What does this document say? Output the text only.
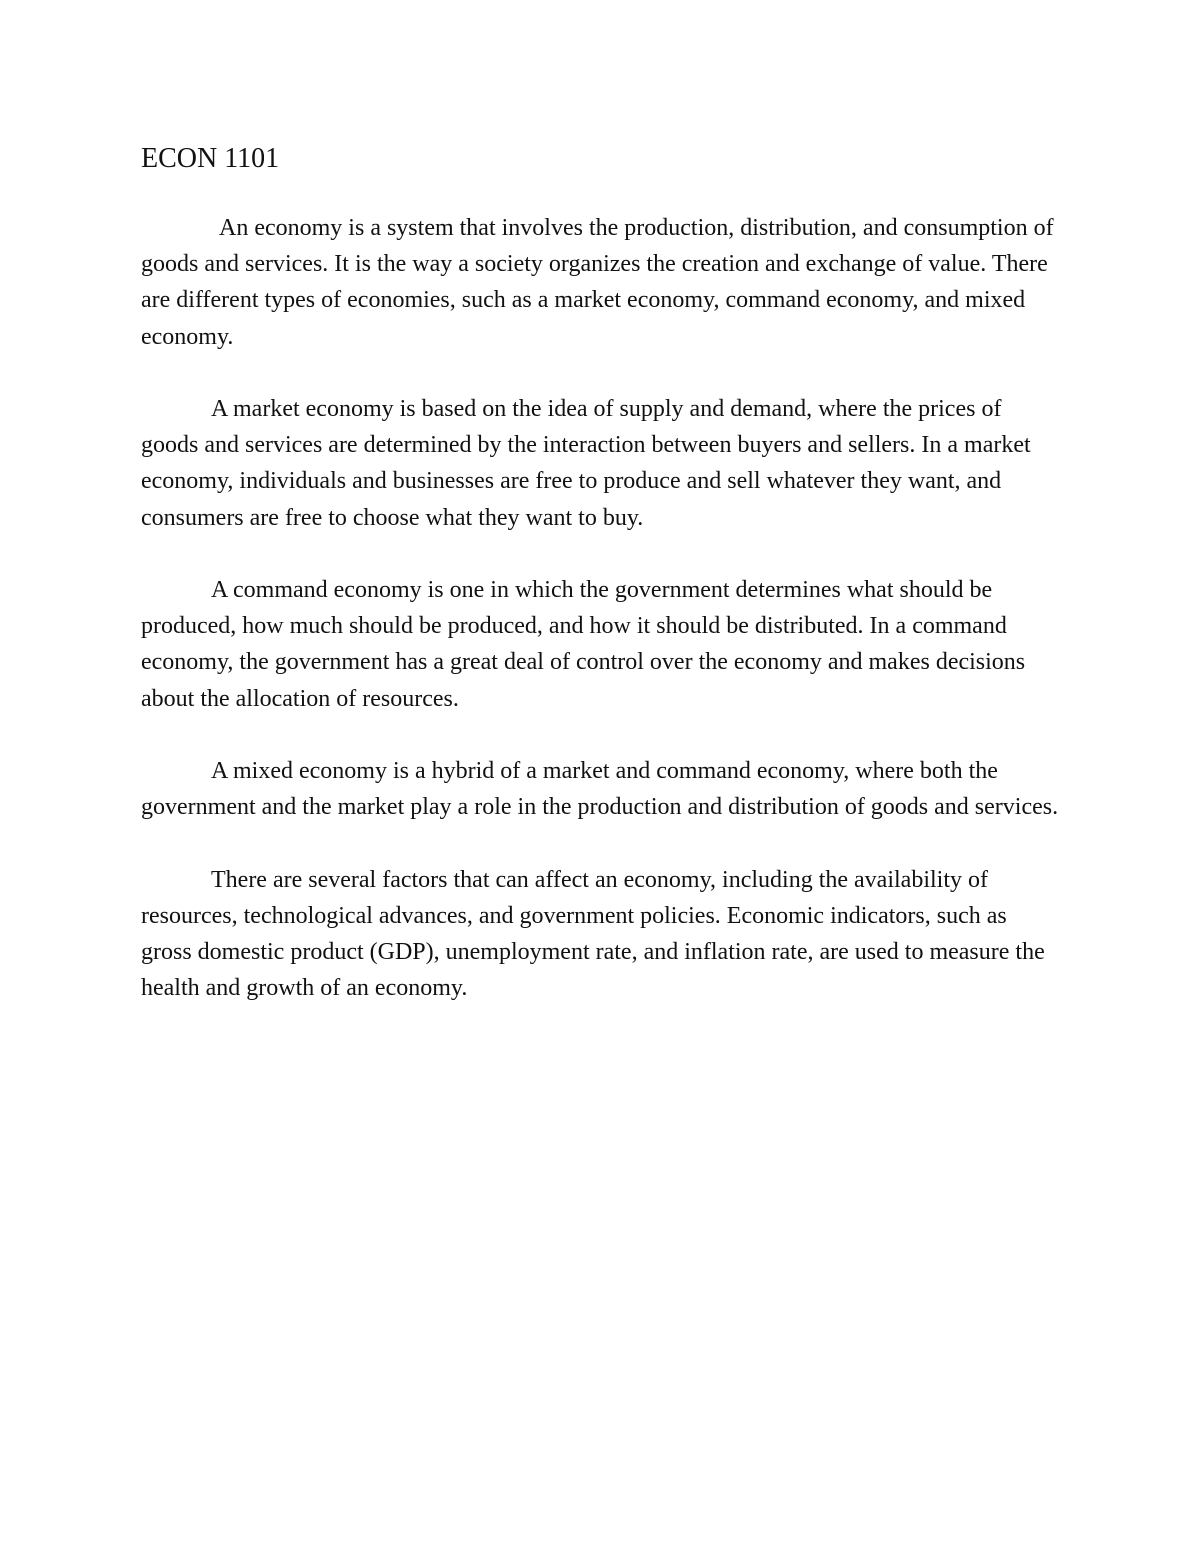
ECON 1101

An economy is a system that involves the production, distribution, and consumption of goods and services. It is the way a society organizes the creation and exchange of value. There are different types of economies, such as a market economy, command economy, and mixed economy.

A market economy is based on the idea of supply and demand, where the prices of goods and services are determined by the interaction between buyers and sellers. In a market economy, individuals and businesses are free to produce and sell whatever they want, and consumers are free to choose what they want to buy.

A command economy is one in which the government determines what should be produced, how much should be produced, and how it should be distributed. In a command economy, the government has a great deal of control over the economy and makes decisions about the allocation of resources.

A mixed economy is a hybrid of a market and command economy, where both the government and the market play a role in the production and distribution of goods and services.

There are several factors that can affect an economy, including the availability of resources, technological advances, and government policies. Economic indicators, such as gross domestic product (GDP), unemployment rate, and inflation rate, are used to measure the health and growth of an economy.
